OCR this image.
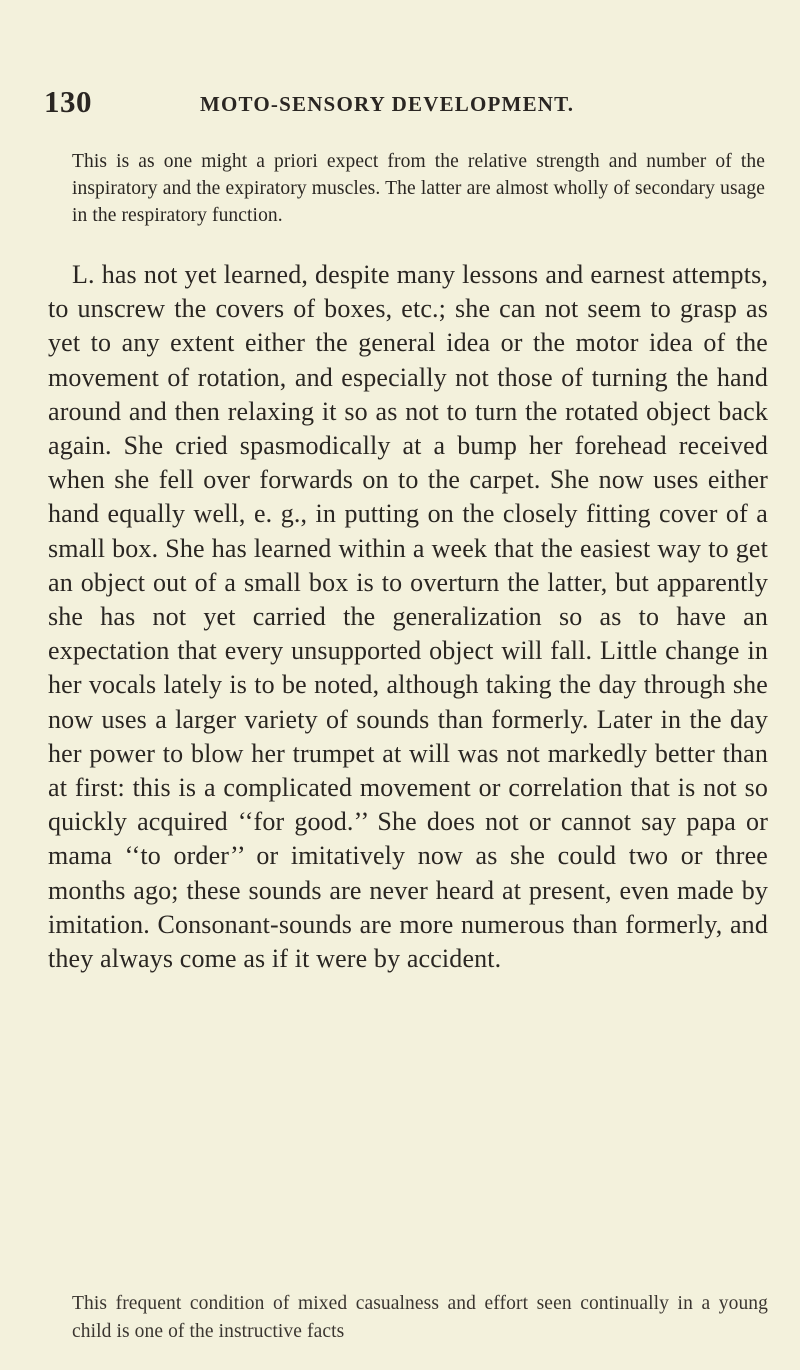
130	MOTO-SENSORY DEVELOPMENT.

This is as one might a priori expect from the relative strength and number of the inspiratory and the expiratory muscles. The latter are almost wholly of secondary usage in the respiratory function.

L. has not yet learned, despite many lessons and earnest attempts, to unscrew the covers of boxes, etc.; she can not seem to grasp as yet to any extent either the general idea or the motor idea of the movement of rotation, and especially not those of turning the hand around and then relaxing it so as not to turn the rotated object back again. She cried spasmodically at a bump her forehead received when she fell over forwards on to the carpet. She now uses either hand equally well, e. g., in putting on the closely fitting cover of a small box. She has learned within a week that the easiest way to get an object out of a small box is to overturn the latter, but apparently she has not yet carried the generalization so as to have an expectation that every unsupported object will fall. Little change in her vocals lately is to be noted, although taking the day through she now uses a larger variety of sounds than formerly. Later in the day her power to blow her trumpet at will was not markedly better than at first: this is a complicated movement or correlation that is not so quickly acquired ‘‘for good.’’ She does not or cannot say papa or mama ‘‘to order’’ or imitatively now as she could two or three months ago; these sounds are never heard at present, even made by imitation. Consonant-sounds are more numerous than formerly, and they always come as if it were by accident.

This frequent condition of mixed casualness and effort seen continually in a young child is one of the instructive facts
